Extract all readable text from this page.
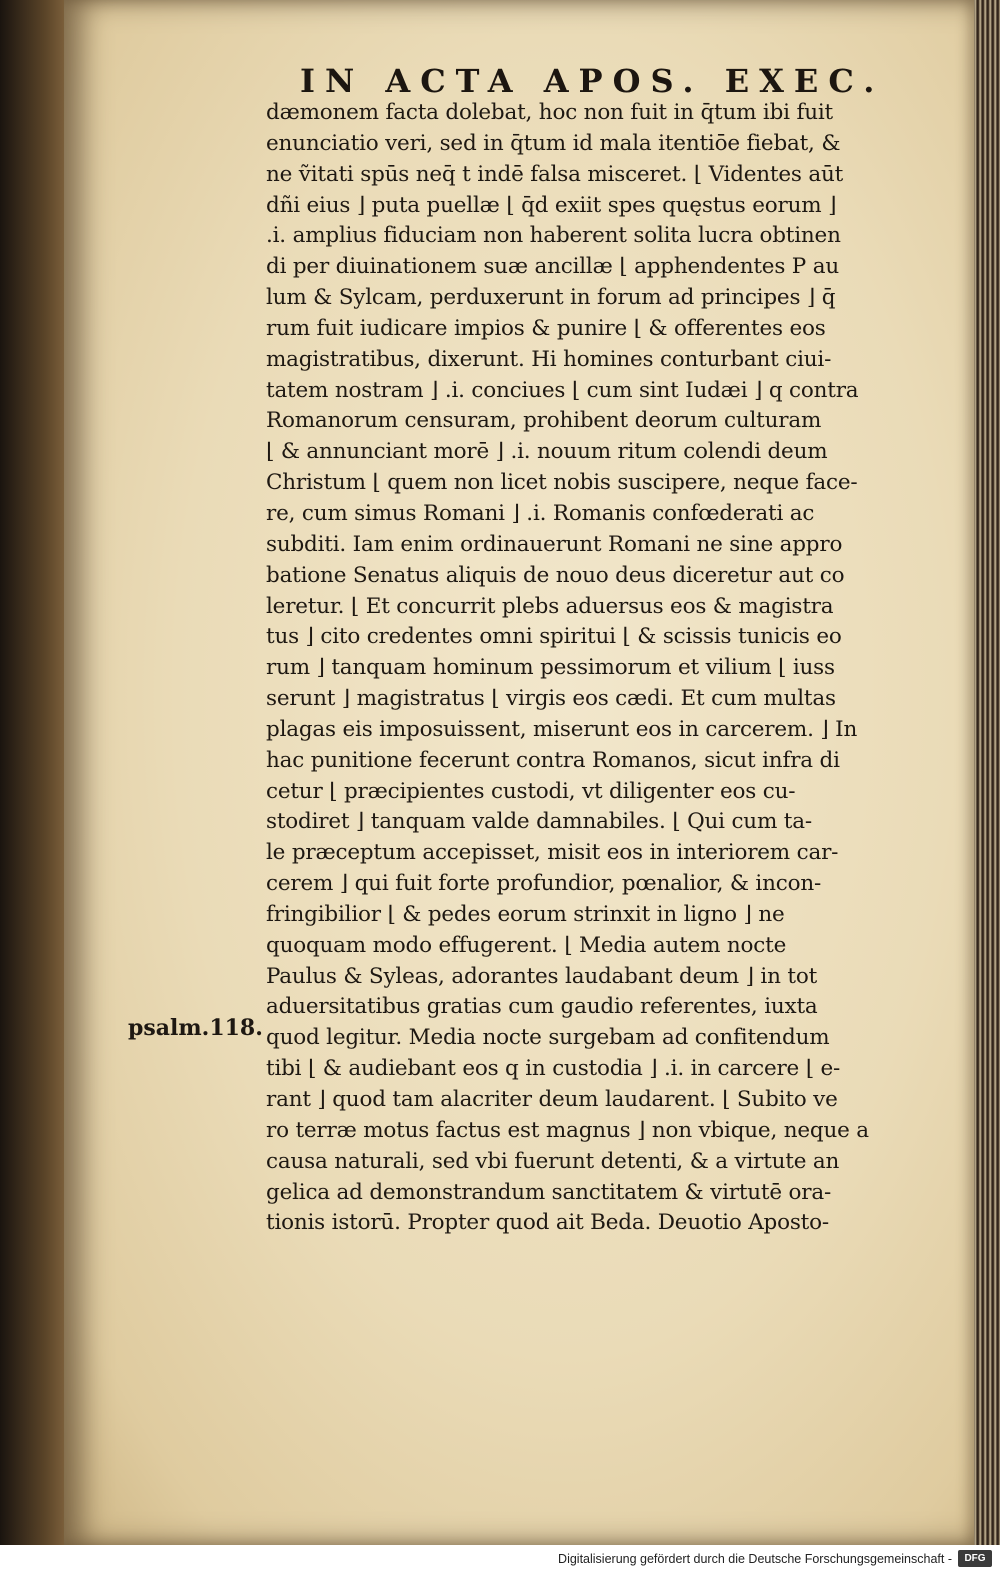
IN ACTA APOS. EXEC.

psalm.118.

dæmonem facta dolebat, hoc non fuit in q̄tum ibi fuit
enunciatio veri, sed in q̄tum id mala itentiōe fiebat, &
ne ṽitati spūs neq̄ t indē falsa misceret. ⌊ Videntes aūt
dñi eius ⌋ puta puellæ ⌊ q̄d exiit spes quęstus eorum ⌋
.i. amplius fiduciam non haberent solita lucra obtinen
di per diuinationem suæ ancillæ ⌊ apphendentes P au
lum & Sylcam, perduxerunt in forum ad principes ⌋ q̄
rum fuit iudicare impios & punire ⌊ & offerentes eos
magistratibus, dixerunt. Hi homines conturbant ciui-
tatem nostram ⌋ .i. conciues ⌊ cum sint Iudæi ⌋ q contra
Romanorum censuram, prohibent deorum culturam
⌊ & annunciant morē ⌋ .i. nouum ritum colendi deum
Christum ⌊ quem non licet nobis suscipere, neque face-
re, cum simus Romani ⌋ .i. Romanis confœderati ac
subditi. Iam enim ordinauerunt Romani ne sine appro
batione Senatus aliquis de nouo deus diceretur aut co
leretur. ⌊ Et concurrit plebs aduersus eos & magistra
tus ⌋ cito credentes omni spiritui ⌊ & scissis tunicis eo
rum ⌋ tanquam hominum pessimorum et vilium ⌊ iuss
serunt ⌋ magistratus ⌊ virgis eos cædi. Et cum multas
plagas eis imposuissent, miserunt eos in carcerem. ⌋ In
hac punitione fecerunt contra Romanos, sicut infra di
cetur ⌊ præcipientes custodi, vt diligenter eos cu-
stodiret ⌋ tanquam valde damnabiles. ⌊ Qui cum ta-
le præceptum accepisset, misit eos in interiorem car-
cerem ⌋ qui fuit forte profundior, pœnalior, & incon-
fringibilior ⌊ & pedes eorum strinxit in ligno ⌋ ne
quoquam modo effugerent. ⌊ Media autem nocte
Paulus & Syleas, adorantes laudabant deum ⌋ in tot
aduersitatibus gratias cum gaudio referentes, iuxta
quod legitur. Media nocte surgebam ad confitendum
tibi ⌊ & audiebant eos q in custodia ⌋ .i. in carcere ⌊ e-
rant ⌋ quod tam alacriter deum laudarent. ⌊ Subito ve
ro terræ motus factus est magnus ⌋ non vbique, neque a
causa naturali, sed vbi fuerunt detenti, & a virtute an
gelica ad demonstrandum sanctitatem & virtutē ora-
tionis istorū. Propter quod ait Beda. Deuotio Aposto-

Digitalisierung gefördert durch die Deutsche Forschungsgemeinschaft -	DFG
